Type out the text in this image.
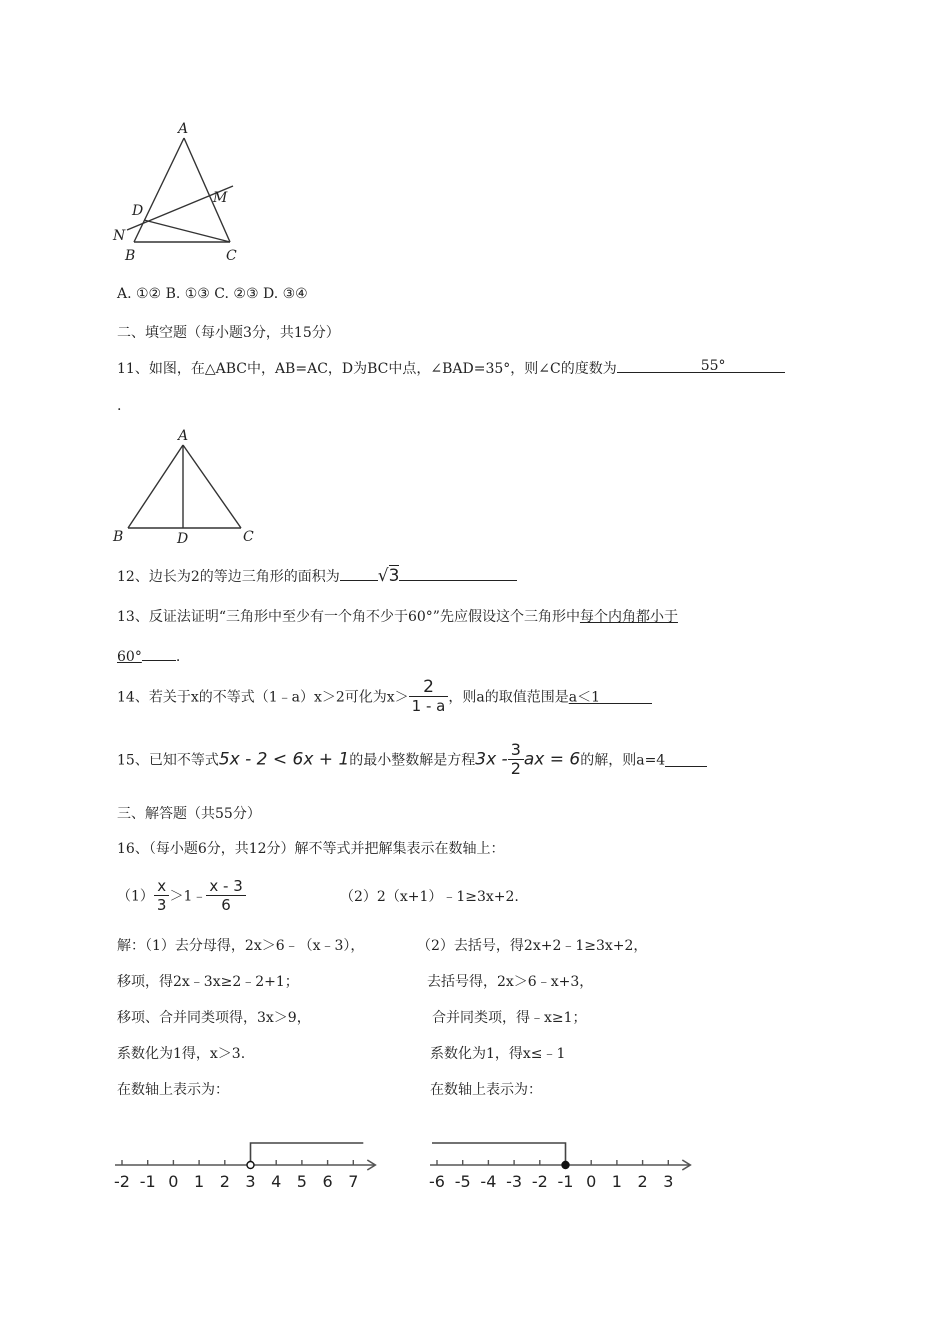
A
M
D
N
B	C
A. ①② B. ①③ C. ②③ D. ③④
二、填空题（每小题3分，共15分）
11、如图，在△ABC中，AB=AC，D为BC中点，∠BAD=35°，则∠C的度数为	55°
.
A
B	D	C
12、边长为2的等边三角形的面积为 √3
13、反证法证明“三角形中至少有一个角不少于60°”先应假设这个三角形中每个内角都小于
60° .
14、若关于x的不等式（1﹣a）x＞2可化为$x> \frac{2}{1 - a}$ ，则a的取值范围是a＜1
15、已知不等式5x - 2 < 6x + 1的最小整数解是方程$3x - \frac{3}{2}$ ax = 6的解，则a=4
三、解答题（共55分）
16、（每小题6分，共12分）解不等式并把解集表示在数轴上：
$(1) \frac{x}{3}$ ＞1﹣ $\frac{x - 3}{6}$	（2）2（x+1）﹣1≥3x+2.
解：（1）去分母得，2x＞6﹣（x﹣3），
移项，得2x﹣3x≥2﹣2+1；
移项、合并同类项得，3x＞9，
系数化为1得，x＞3.
在数轴上表示为：
（2）去括号，得2x+2﹣1≥3x+2，
去括号得，2x＞6﹣x+3，
合并同类项，得﹣x≥1；
系数化为1，得x≤﹣1
在数轴上表示为：
-2 -1 0 1 2 3 4 5 6 7	-6 -5 -4 -3 -2 -1 0 1 2 3
